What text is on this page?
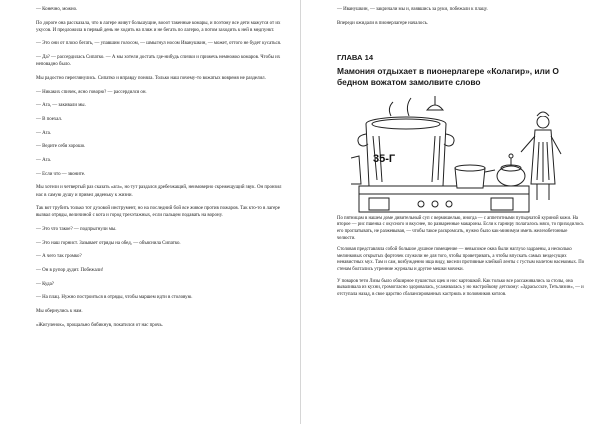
— Конечно, можно.

По дороге она рассказала, что в лагере живут большущие, вооот такенные комары, и поэтому все дети мажутся от их укусов. И предложила в первый день не ходить на пляж и не бегать по лагерю, а потом заходить к ней в медпункт.

— Это они от плохо бегать, — упавшим голосом, — шмыгнул носом Иванушкин, — может, оттого не будет кусаться.

— Да? — рассердилась Сипатко. — А мы хотели достать где-нибудь спички и прижечь немножко комаров. Чтобы их неповадно было.

Мы радостно переглянулись. Сипатко и вправду поняла. Только наш почему-то вожатых вовремя не разделил.

— Никаких спичек, ясно говорю? — рассердился он.

— Ага, — закивали мы.

— В поехал.

— Ага.

— Ведите себя хорошо.

— Ага.

— Если что — звоните.

Мы хотели и четвертый раз сказать «ага», но тут раздался дребезжащий, неимоверно скрежещущий звук. Он пронзил нас в самую душу и привел дяденьку к жизни.

Так вот трубить только тот духовой инструмент, но на последний бой все живое против пожаров. Так кто-то в лагере вызвал отряды, величиной с кота и город трехэтажных, если пальцем подавать на ворону.

— Это что такое? — подпрыгнули мы.

— Это наш горнист. Зазывает отряды на обед, — объяснила Сипатко.

— А чего так громко?

— Он в рупор дудит. Побежали!

— Куда?

— На плац. Нужно построиться в отряды, чтобы маршем идти в столовую.

Мы обернулись к нам.

«Жигуленок», прощально бибикнув, покатился от нас прочь.

— Иванушкин, — закричали мы и, взявшись за руки, побежали к плацу.

Впереди ожидали в пионерлагере началось.

ГЛАВА 14
Мамония отдыхает в пионерлагере «Колагир», или О бедном вожатом замолвите слово
35-Г

По пятницам в нашем доме дивительный суп с вермишелью, иногда — с аппетитными пупырчатой куриной кожи. На второе — рис пшенка с окусного и вкуснее, по разваренные макароны. Если к гарниру полагалось мясо, то приходилось его проглатывать, не разжевывая, — чтобы такое раскромсать, нужно было как-минимум иметь железобетонные челюсти.

Столовая представляла собой большое душное помещение — невысокое окна были наглухо задраены, а несколько мелинковых открытых форточек служили не для того, чтобы проветривать, а чтобы впускать самых вездесущих ненавистных мух. Там и сам, возбужденно ища виду, висели противные клейкой ленты с густым налетом насекомых. По стенам болтались утренние журналы и другие мешки мочеки.

У поваров тети Лизы было обширное пушистых щек и нос картошкой. Как только все рассаживались за столы, она вываливала из кухни, громогласно здоровалась, усаживалась у но настройкову детскому: «Здрасьссьте, Тетьлизин», — и отступала назад, в свое царство сбалансированных кастрюль и половников котлов.
